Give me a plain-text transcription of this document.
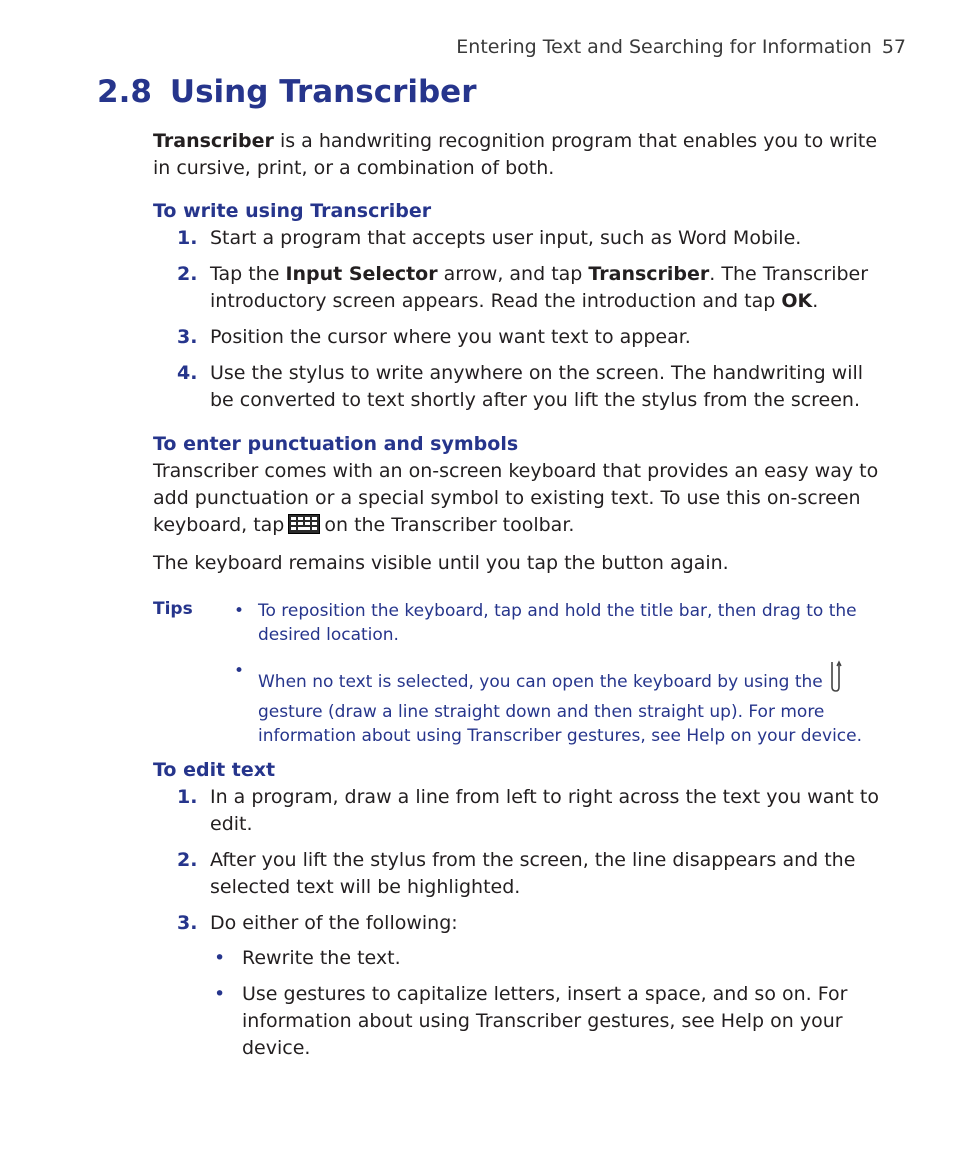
Entering Text and Searching for Information 57
2.8 Using Transcriber

Transcriber is a handwriting recognition program that enables you to write in cursive, print, or a combination of both.

To write using Transcriber
1. Start a program that accepts user input, such as Word Mobile.
2. Tap the Input Selector arrow, and tap Transcriber. The Transcriber introductory screen appears. Read the introduction and tap OK.
3. Position the cursor where you want text to appear.
4. Use the stylus to write anywhere on the screen. The handwriting will be converted to text shortly after you lift the stylus from the screen.
To enter punctuation and symbols

Transcriber comes with an on-screen keyboard that provides an easy way to add punctuation or a special symbol to existing text. To use this on-screen keyboard, tap on the Transcriber toolbar.

The keyboard remains visible until you tap the button again.

Tips • To reposition the keyboard, tap and hold the title bar, then drag to the desired location.
•
When no text is selected, you can open the keyboard by using thegesture (draw a line straight down and then straight up). For more information about using Transcriber gestures, see Help on your device.
To edit text
1. In a program, draw a line from left to right across the text you want to edit.
2. After you lift the stylus from the screen, the line disappears and the selected text will be highlighted.
3. Do either of the following:
• Rewrite the text.
• Use gestures to capitalize letters, insert a space, and so on. For information about using Transcriber gestures, see Help on your device.
